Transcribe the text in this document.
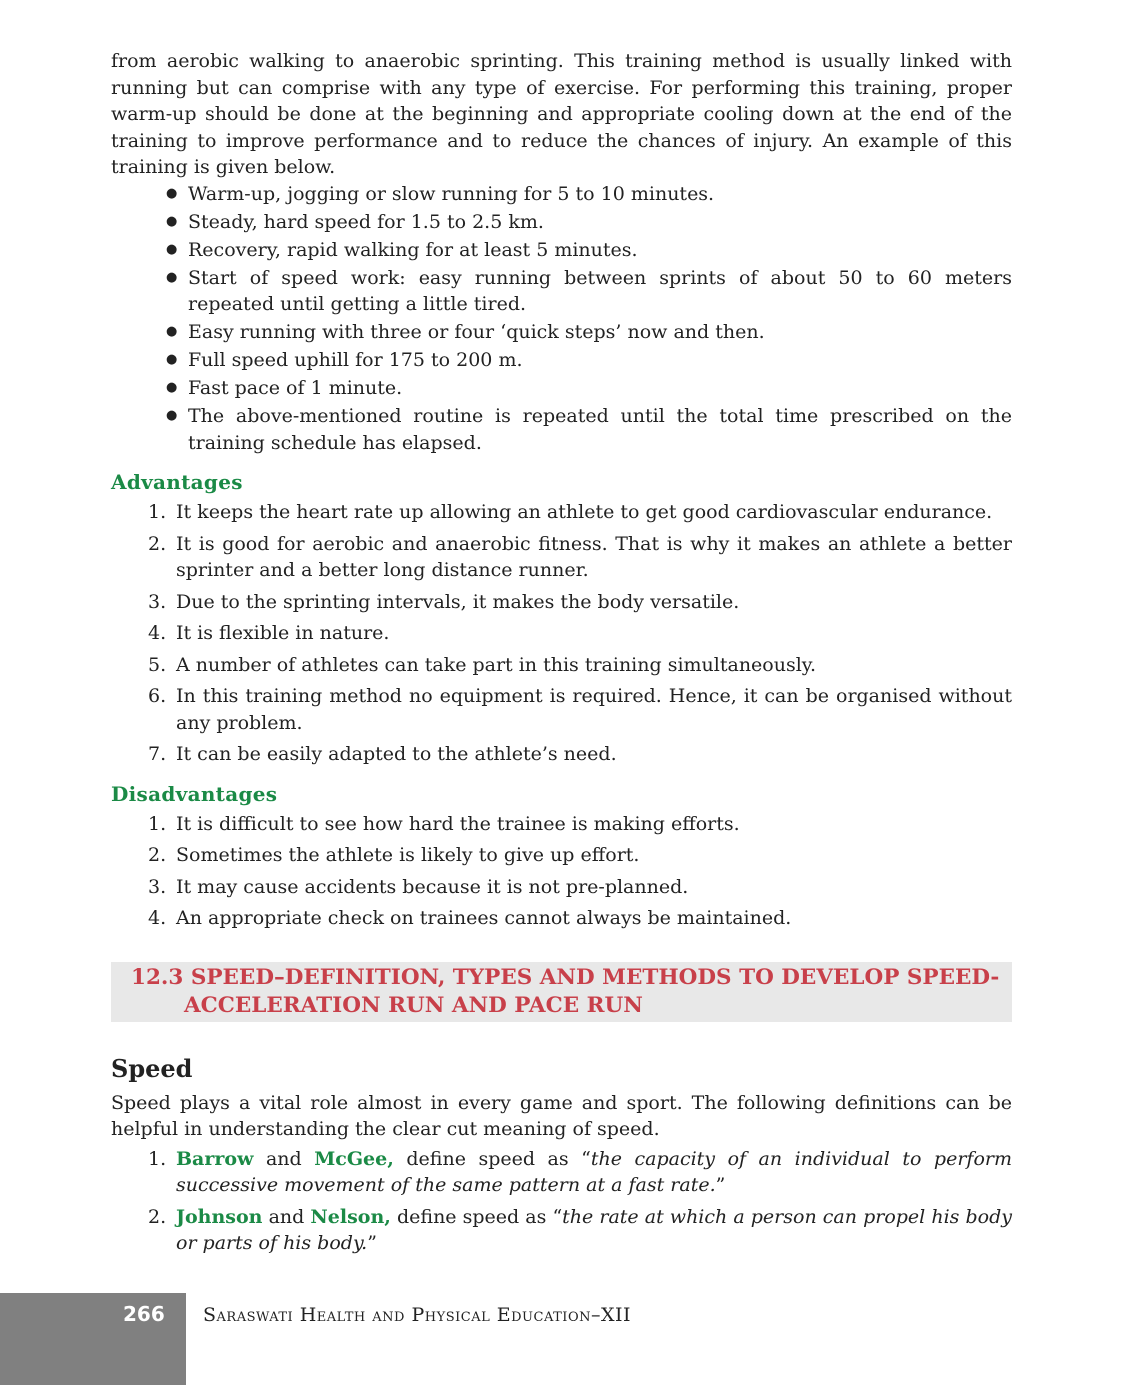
from aerobic walking to anaerobic sprinting. This training method is usually linked with running but can comprise with any type of exercise. For performing this training, proper warm-up should be done at the beginning and appropriate cooling down at the end of the training to improve performance and to reduce the chances of injury. An example of this training is given below.

● Warm-up, jogging or slow running for 5 to 10 minutes.
● Steady, hard speed for 1.5 to 2.5 km.
● Recovery, rapid walking for at least 5 minutes.
● Start of speed work: easy running between sprints of about 50 to 60 meters repeated until getting a little tired.
● Easy running with three or four ‘quick steps’ now and then.
● Full speed uphill for 175 to 200 m.
● Fast pace of 1 minute.
● The above-mentioned routine is repeated until the total time prescribed on the training schedule has elapsed.
Advantages
1. It keeps the heart rate up allowing an athlete to get good cardiovascular endurance.
2. It is good for aerobic and anaerobic fitness. That is why it makes an athlete a better sprinter and a better long distance runner.
3. Due to the sprinting intervals, it makes the body versatile.
4. It is flexible in nature.
5. A number of athletes can take part in this training simultaneously.
6. In this training method no equipment is required. Hence, it can be organised without any problem.
7. It can be easily adapted to the athlete’s need.
Disadvantages
1. It is difficult to see how hard the trainee is making efforts.
2. Sometimes the athlete is likely to give up effort.
3. It may cause accidents because it is not pre-planned.
4. An appropriate check on trainees cannot always be maintained.
12.3 SPEED–DEFINITION, TYPES AND METHODS TO DEVELOP SPEED-
ACCELERATION RUN AND PACE RUN
Speed

Speed plays a vital role almost in every game and sport. The following definitions can be helpful in understanding the clear cut meaning of speed.

1. Barrow and McGee, define speed as “the capacity of an individual to perform successive movement of the same pattern at a fast rate.”
2. Johnson and Nelson, define speed as “the rate at which a person can propel his body or parts of his body.”
266 Saraswati Health and Physical Education–XII
